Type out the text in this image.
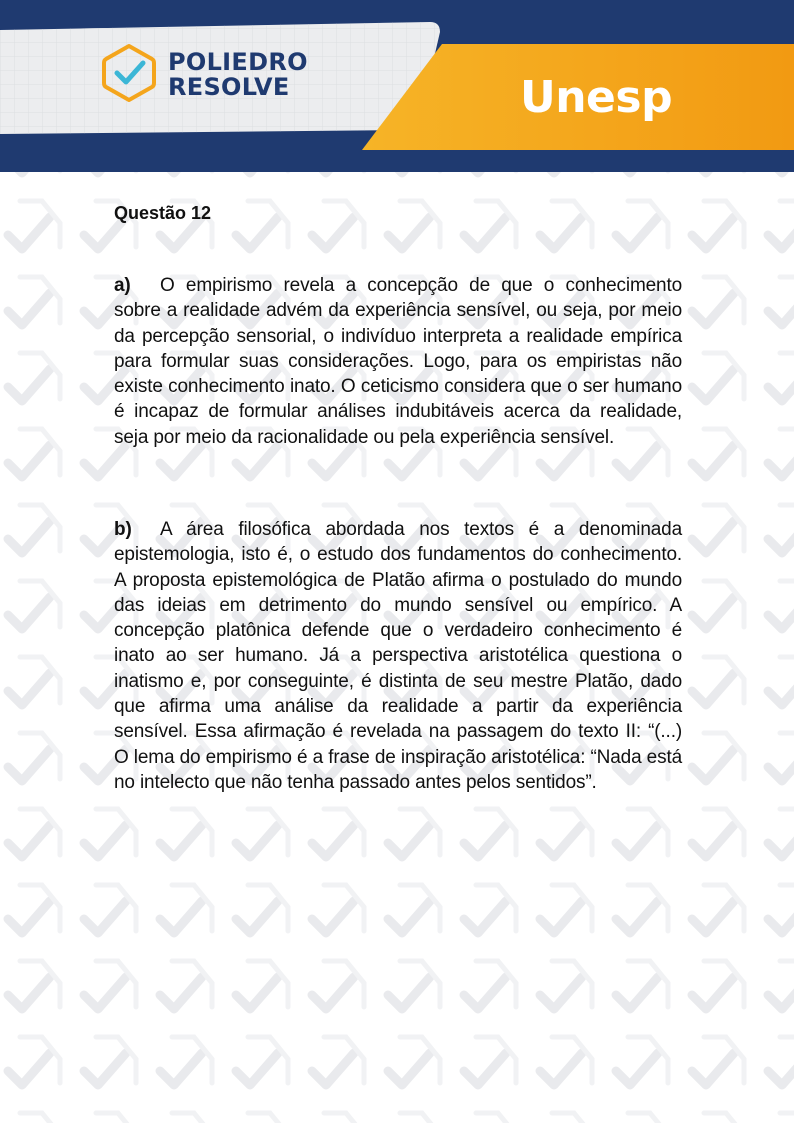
POLIEDRO
RESOLVE	Unesp
Questão 12

a) O empirismo revela a concepção de que o conhecimento sobre a realidade advém da experiência sensível, ou seja, por meio da percepção sensorial, o indivíduo interpreta a realidade empírica para formular suas considerações. Logo, para os empiristas não existe conhecimento inato. O ceticismo considera que o ser humano é incapaz de formular análises indubitáveis acerca da realidade, seja por meio da racionalidade ou pela experiência sensível.

b) A área filosófica abordada nos textos é a denominada epistemologia, isto é, o estudo dos fundamentos do conhecimento. A proposta epistemológica de Platão afirma o postulado do mundo das ideias em detrimento do mundo sensível ou empírico. A concepção platônica defende que o verdadeiro conhecimento é inato ao ser humano. Já a perspectiva aristotélica questiona o inatismo e, por conseguinte, é distinta de seu mestre Platão, dado que afirma uma análise da realidade a partir da experiência sensível. Essa afirmação é revelada na passagem do texto II: “(...) O lema do empirismo é a frase de inspiração aristotélica: “Nada está no intelecto que não tenha passado antes pelos sentidos”.
